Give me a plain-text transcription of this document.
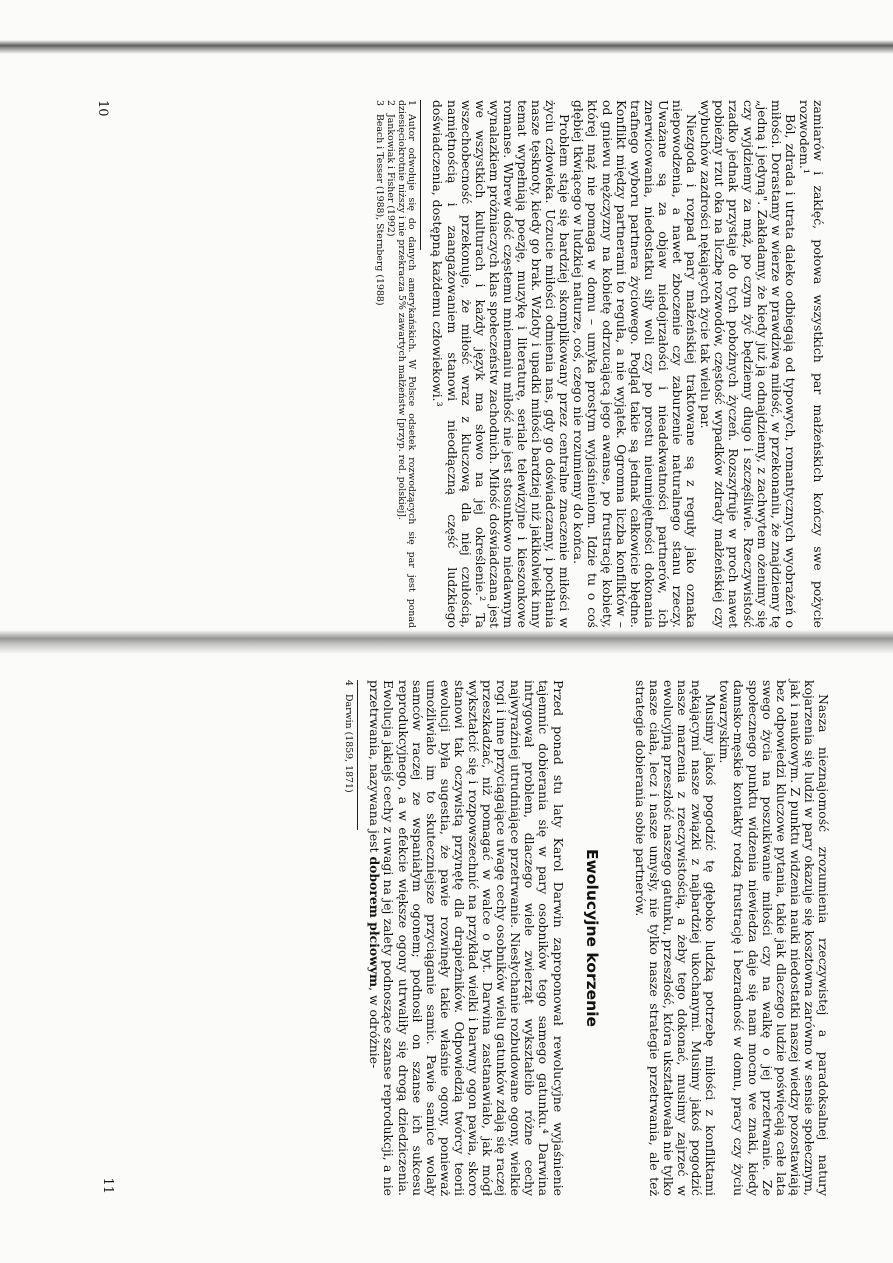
zamiarów i zaklęć, połowa wszystkich par małżeńskich kończy swe pożycie rozwodem.¹

Ból, zdrada i utrata daleko odbiegają od typowych, romantycznych wyobrażeń o miłości. Dorastamy w wierze w prawdziwą miłość, w przekonaniu, że znajdziemy tę „jedną i jedyną". Zakładamy, że kiedy już ją odnajdziemy, z zachwytem ożenimy się czy wyjdziemy za mąż, po czym żyć będziemy długo i szczęśliwie. Rzeczywistość rzadko jednak przystaje do tych pobożnych życzeń. Rozszyfruje w proch nawet pobieżny rzut oka na liczbę rozwodów, częstość wypadków zdrady małżeńskiej czy wybuchów zazdrości nękających życie tak wielu par.

Niezgoda i rozpad pary małżeńskiej traktowane są z reguły jako oznaka niepowodzenia, a nawet zboczenie czy zaburzenie naturalnego stanu rzeczy. Uważane są za objaw niedojrzałości i nieadekwatności partnerów, ich znerwicowania, niedostatku siły woli czy po prostu nieumiejętności dokonania trafnego wyboru partnera życiowego. Pogląd takie są jednak całkowicie błędne. Konflikt między partnerami to reguła, a nie wyjątek. Ogromna liczba konfliktów – od gniewu mężczyzny na kobietę odrzucającą jego awanse, po frustrację kobiety, której mąż nie pomaga w domu – umyka prostym wyjaśnieniom. Idzie tu o coś głębiej tkwiącego w ludzkiej naturze, coś, czego nie rozumiemy do końca.

Problem staje się bardziej skomplikowany przez centralne znaczenie miłości w życiu człowieka. Uczucie miłości odmienia nas, gdy go doświadczamy, i pochłania nasze tęsknoty, kiedy go brak. Wzloty i upadki miłości bardziej niż jakikolwiek inny temat wypełniają poezję, muzykę i literaturę, seriale telewizyjne i kieszonkowe romanse. Wbrew dość częstemu mniemaniu miłość nie jest stosunkowo niedawnym wynalazkiem próżniaczych klas społeczeństw zachodnich. Miłość doświadczana jest we wszystkich kulturach i każdy język ma słowo na jej określenie.² Ta wszechobecność przekonuje, że miłość wraz z kluczową dla niej czułością, namiętnością i zaangażowaniem stanowi nieodłączną część ludzkiego doświadczenia, dostępną każdemu człowiekowi.³

1Autor odwołuje się do danych amerykańskich. W Polsce odsetek rozwodzących się par jest ponad dziesięciokrotnie niższy i nie przekracza 5% zawartych małżeństw [przyp. red. polskiej].

2Jankowiak i Fisher (1992)

3Beach i Tesser (1988), Sternberg (1988)

10

Nasza nieznajomość zrozumienia rzeczywistej a paradoksalnej natury kojarzenia się ludzi w pary okazuje się kosztowna zarówno w sensie społecznym, jak i naukowym. Z punktu widzenia nauki niedostatki naszej wiedzy pozostawiają bez odpowiedzi kluczowe pytania, takie jak dlaczego ludzie poświęcają całe lata swego życia na poszukiwanie miłości czy na walkę o jej przetrwanie. Ze społecznego punktu widzenia niewiedza daje się nam mocno we znaki, kiedy damsko-męskie kontakty rodzą frustrację i bezradność w domu, pracy czy życiu towarzyskim.

Musimy jakoś pogodzić tę głęboko ludzką potrzebę miłości z konfliktami nękającymi nasze związki z najbardziej ukochanymi. Musimy jakoś pogodzić nasze marzenia z rzeczywistością, a żeby tego dokonać, musimy zajrzeć w ewolucyjną przeszłość naszego gatunku, przeszłość, która ukształtowała nie tylko nasze ciała, lecz i nasze umysły, nie tylko nasze strategie przetrwania, ale też strategie dobierania sobie partnerów.

Ewolucyjne korzenie

Przed ponad stu laty Karol Darwin zaproponował rewolucyjne wyjaśnienie tajemnic dobierania się w pary osobników tego samego gatunku.⁴ Darwina intrygował problem, dlaczego wiele zwierząt wykształciło różne cechy najwyraźniej utrudniające przetrwanie. Niesłychanie rozbudowane ogony, wielkie rogi i inne przyciągające uwagę cechy osobników wielu gatunków zdają się raczej przeszkadzać, niż pomagać w walce o byt. Darwina zastanawiało, jak mógł wykształcić się i rozpowszechnić na przykład wielki i barwny ogon pawia, skoro stanowi tak oczywistą przynętę dla drapieżników. Odpowiedzią twórcy teorii ewolucji była sugestia, że pawie rozwinęły takie właśnie ogony, ponieważ umożliwiało im to skuteczniejsze przyciąganie samic. Pawie samice wolały samców raczej ze wspaniałym ogonem; podnosił on szanse ich sukcesu reprodukcyjnego, a w efekcie większe ogony utrwaliły się drogą dziedziczenia. Ewolucja jakiejś cechy z uwagi na jej zalety podnoszące szanse reprodukcji, a nie przetrwania, nazywana jest doborem płciowym, w odróżnie-

4Darwin (1859, 1871)

11
